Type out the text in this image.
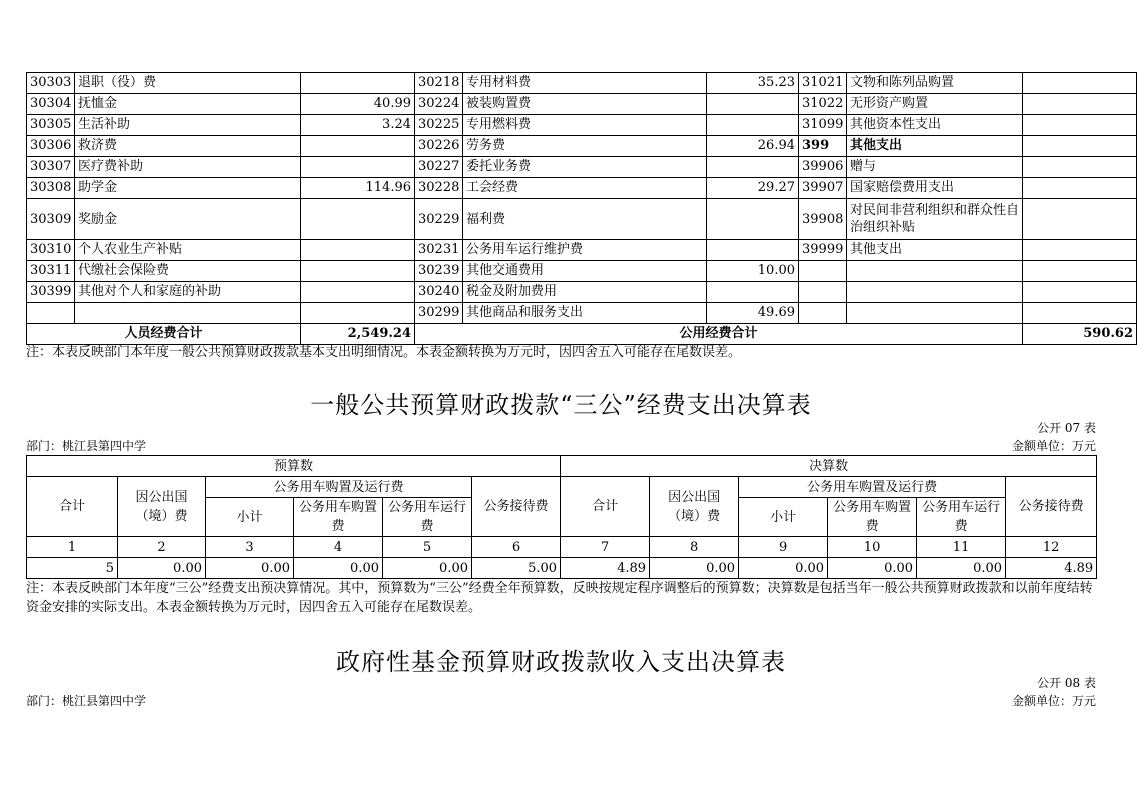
30303	退职（役）费		30218	专用材料费	35.23	31021	文物和陈列品购置	
30304	抚恤金	40.99	30224	被装购置费		31022	无形资产购置	
30305	生活补助	3.24	30225	专用燃料费		31099	其他资本性支出	
30306	救济费		30226	劳务费	26.94	399	其他支出	
30307	医疗费补助		30227	委托业务费		39906	赠与	
30308	助学金	114.96	30228	工会经费	29.27	39907	国家赔偿费用支出	
30309	奖励金		30229	福利费		39908	对民间非营利组织和群众性自治组织补贴	
30310	个人农业生产补贴		30231	公务用车运行维护费		39999	其他支出	
30311	代缴社会保险费		30239	其他交通费用	10.00			
30399	其他对个人和家庭的补助		30240	税金及附加费用				
			30299	其他商品和服务支出	49.69			
人员经费合计		2,549.24	公用经费合计					590.62
注：本表反映部门本年度一般公共预算财政拨款基本支出明细情况。本表金额转换为万元时，因四舍五入可能存在尾数误差。
一般公共预算财政拨款“三公”经费支出决算表
公开 07 表
部门：桃江县第四中学	金额单位：万元
预算数						决算数					
合计	因公出国（境）费	公务用车购置及运行费			公务接待费	合计	因公出国（境）费	公务用车购置及运行费			公务接待费
		小计	公务用车购置费	公务用车运行费				小计	公务用车购置费	公务用车运行费	
1	2	3	4	5	6	7	8	9	10	11	12
5	0.00	0.00	0.00	0.00	5.00	4.89	0.00	0.00	0.00	0.00	4.89
注：本表反映部门本年度“三公”经费支出预决算情况。其中，预算数为“三公”经费全年预算数，反映按规定程序调整后的预算数；决算数是包括当年一般公共预算财政拨款和以前年度结转资金安排的实际支出。本表金额转换为万元时，因四舍五入可能存在尾数误差。
政府性基金预算财政拨款收入支出决算表
公开 08 表
部门：桃江县第四中学	金额单位：万元
